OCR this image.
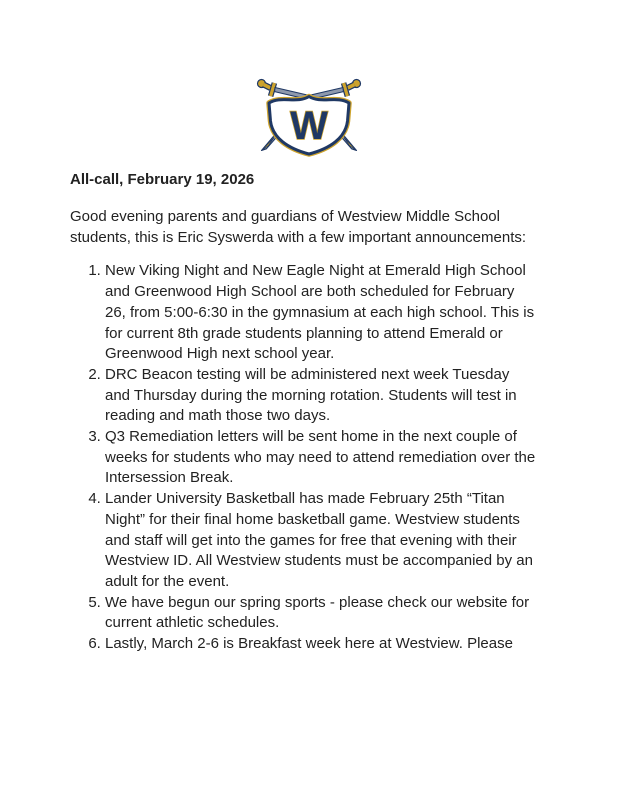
W
All-call, February 19, 2026

Good evening parents and guardians of Westview Middle School students, this is Eric Syswerda with a few important announcements:

1. New Viking Night and New Eagle Night at Emerald High School and Greenwood High School are both scheduled for February 26, from 5:00-6:30 in the gymnasium at each high school. This is for current 8th grade students planning to attend Emerald or Greenwood High next school year.
2. DRC Beacon testing will be administered next week Tuesday and Thursday during the morning rotation. Students will test in reading and math those two days.
3. Q3 Remediation letters will be sent home in the next couple of weeks for students who may need to attend remediation over the Intersession Break.
4. Lander University Basketball has made February 25th “Titan Night” for their final home basketball game. Westview students and staff will get into the games for free that evening with their Westview ID. All Westview students must be accompanied by an adult for the event.
5. We have begun our spring sports - please check our website for current athletic schedules.
6. Lastly, March 2-6 is Breakfast week here at Westview. Please
